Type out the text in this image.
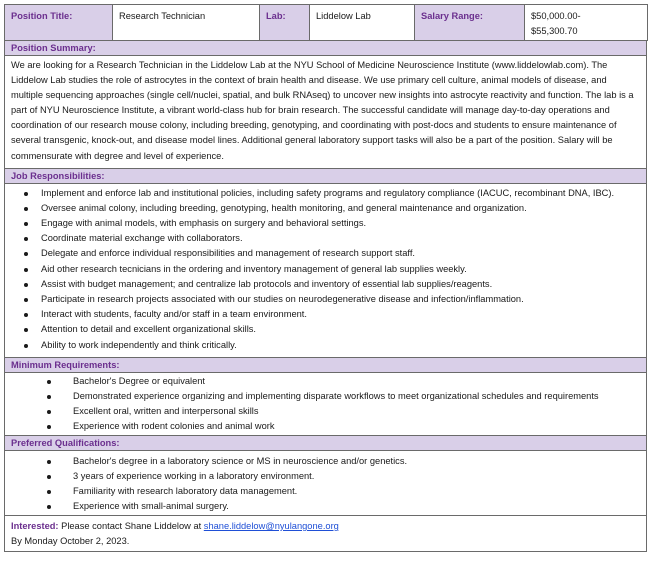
Position Title:	Research Technician	Lab:	Liddelow Lab	Salary Range:	$50,000.00-
$55,300.70
Position Summary:
We are looking for a Research Technician in the Liddelow Lab at the NYU School of Medicine Neuroscience Institute (www.liddelowlab.com). The Liddelow Lab studies the role of astrocytes in the context of brain health and disease. We use primary cell culture, animal models of disease, and multiple sequencing approaches (single cell/nuclei, spatial, and bulk RNAseq) to uncover new insights into astrocyte reactivity and function. The lab is a part of NYU Neuroscience Institute, a vibrant world-class hub for brain research. The successful candidate will manage day-to-day operations and coordination of our research mouse colony, including breeding, genotyping, and coordinating with post-docs and students to ensure maintenance of several transgenic, knock-out, and disease model lines. Additional general laboratory support tasks will also be a part of the position. Salary will be commensurate with degree and level of experience.
Job Responsibilities:
Implement and enforce lab and institutional policies, including safety programs and regulatory compliance (IACUC, recombinant DNA, IBC).
Oversee animal colony, including breeding, genotyping, health monitoring, and general maintenance and organization.
Engage with animal models, with emphasis on surgery and behavioral settings.
Coordinate material exchange with collaborators.
Delegate and enforce individual responsibilities and management of research support staff.
Aid other research tecnicians in the ordering and inventory management of general lab supplies weekly.
Assist with budget management; and centralize lab protocols and inventory of essential lab supplies/reagents.
Participate in research projects associated with our studies on neurodegenerative disease and infection/inflammation.
Interact with students, faculty and/or staff in a team environment.
Attention to detail and excellent organizational skills.
Ability to work independently and think critically.
Minimum Requirements:
Bachelor's Degree or equivalent
Demonstrated experience organizing and implementing disparate workflows to meet organizational schedules and requirements
Excellent oral, written and interpersonal skills
Experience with rodent colonies and animal work
Preferred Qualifications:
Bachelor's degree in a laboratory science or MS in neuroscience and/or genetics.
3 years of experience working in a laboratory environment.
Familiarity with research laboratory data management.
Experience with small-animal surgery.
Interested: Please contact Shane Liddelow at shane.liddelow@nyulangone.org
By Monday October 2, 2023.
